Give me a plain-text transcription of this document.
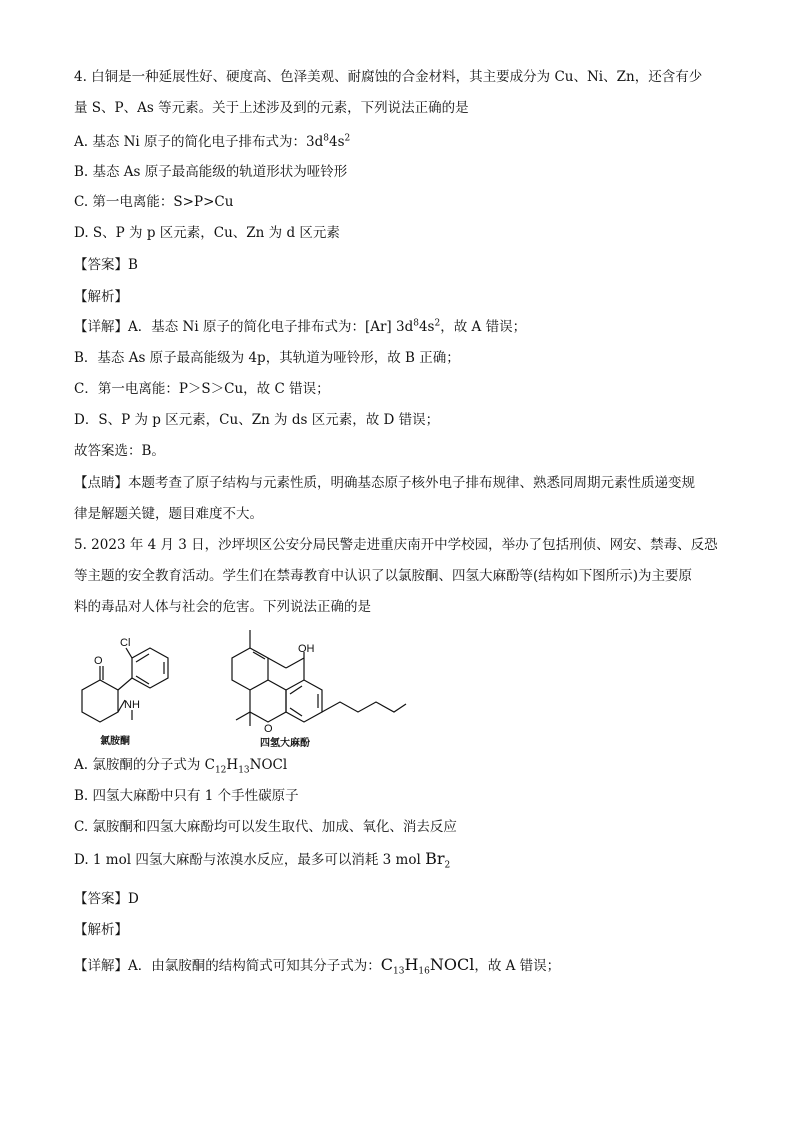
4. 白铜是一种延展性好、硬度高、色泽美观、耐腐蚀的合金材料，其主要成分为 Cu、Ni、Zn，还含有少
量 S、P、As 等元素。关于上述涉及到的元素，下列说法正确的是
A. 基态 Ni 原子的简化电子排布式为：$3d^84s^2$
B. 基态 As 原子最高能级的轨道形状为哑铃形
C. 第一电离能：S>P>Cu
D. S、P 为 p 区元素，Cu、Zn 为 d 区元素
【答案】B
【解析】
【详解】A．基态 Ni 原子的简化电子排布式为：[Ar] $3d^84s^2$，故 A 错误；
B．基态 As 原子最高能级为 4p，其轨道为哑铃形，故 B 正确；
C．第一电离能：P＞S＞Cu，故 C 错误；
D．S、P 为 p 区元素，Cu、Zn 为 ds 区元素，故 D 错误；
故答案选：B。
【点睛】本题考查了原子结构与元素性质，明确基态原子核外电子排布规律、熟悉同周期元素性质递变规
律是解题关键，题目难度不大。
5. 2023 年 4 月 3 日，沙坪坝区公安分局民警走进重庆南开中学校园，举办了包括刑侦、网安、禁毒、反恐
等主题的安全教育活动。学生们在禁毒教育中认识了以氯胺酮、四氢大麻酚等(结构如下图所示)为主要原
料的毒品对人体与社会的危害。下列说法正确的是
O
Cl
NH
氯胺酮
OH
O
四氢大麻酚
A. 氯胺酮的分子式为 $C_{12}H_{13}NOCl$
B. 四氢大麻酚中只有 1 个手性碳原子
C. 氯胺酮和四氢大麻酚均可以发生取代、加成、氧化、消去反应
D. 1 mol 四氢大麻酚与浓溴水反应，最多可以消耗 3 mol $Br_2$
【答案】D
【解析】
【详解】A．由氯胺酮的结构简式可知其分子式为：$C_{13}H_{16}NOCl$，故 A 错误；
